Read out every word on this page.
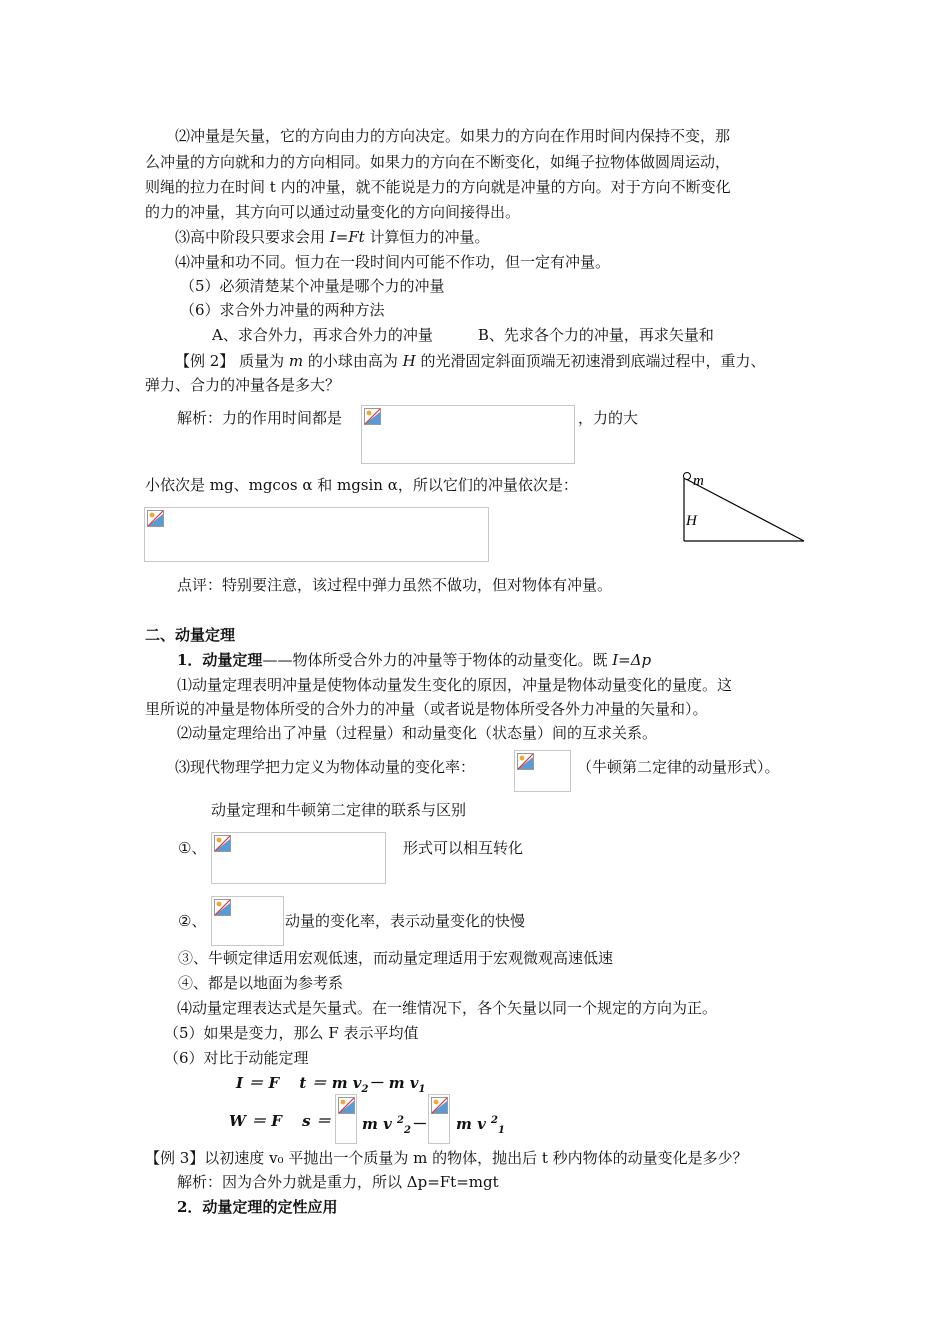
⑵冲量是矢量，它的方向由力的方向决定。如果力的方向在作用时间内保持不变，那
么冲量的方向就和力的方向相同。如果力的方向在不断变化，如绳子拉物体做圆周运动，
则绳的拉力在时间 t 内的冲量，就不能说是力的方向就是冲量的方向。对于方向不断变化
的力的冲量，其方向可以通过动量变化的方向间接得出。
⑶高中阶段只要求会用 I=Ft 计算恒力的冲量。
⑷冲量和功不同。恒力在一段时间内可能不作功，但一定有冲量。
（5）必须清楚某个冲量是哪个力的冲量
（6）求合外力冲量的两种方法
A、求合外力，再求合外力的冲量　　　B、先求各个力的冲量，再求矢量和
【例 2】 质量为 m 的小球由高为 H 的光滑固定斜面顶端无初速滑到底端过程中，重力、
弹力、合力的冲量各是多大？
解析：力的作用时间都是	，力的大
小依次是 mg、mgcos α 和 mgsin α，所以它们的冲量依次是：	m
H
点评：特别要注意，该过程中弹力虽然不做功，但对物体有冲量。
二、动量定理
1．动量定理——物体所受合外力的冲量等于物体的动量变化。既 I=Δp
⑴动量定理表明冲量是使物体动量发生变化的原因，冲量是物体动量变化的量度。这
里所说的冲量是物体所受的合外力的冲量（或者说是物体所受各外力冲量的矢量和）。
⑵动量定理给出了冲量（过程量）和动量变化（状态量）间的互求关系。
⑶现代物理学把力定义为物体动量的变化率：	（牛顿第二定律的动量形式）。
动量定理和牛顿第二定律的联系与区别
①、	形式可以相互转化
②、	动量的变化率，表示动量变化的快慢
③、牛顿定律适用宏观低速，而动量定理适用于宏观微观高速低速
④、都是以地面为参考系
⑷动量定理表达式是矢量式。在一维情况下，各个矢量以同一个规定的方向为正。
（5）如果是变力，那么 F 表示平均值
（6）对比于动能定理
I ＝ F　 t ＝ m $v_2- m$ $v_1$
W ＝ F　 s ＝ m v $^2_2$－ m v $^2_1$
【例 3】以初速度 v₀ 平抛出一个质量为 m 的物体，抛出后 t 秒内物体的动量变化是多少？
解析：因为合外力就是重力，所以 Δp=Ft=mgt
2．动量定理的定性应用
